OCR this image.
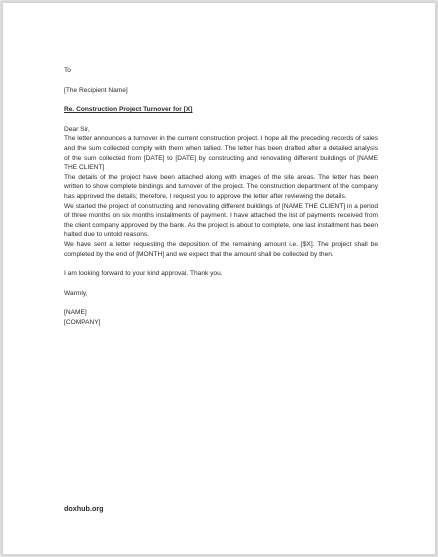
To

[The Recipient Name]

Re. Construction Project Turnover for [X]

Dear Sir,

The letter announces a turnover in the current construction project. I hope all the preceding records of sales and the sum collected comply with them when tallied. The letter has been drafted after a detailed analysis of the sum collected from [DATE] to [DATE] by constructing and renovating different buildings of [NAME THE CLIENT]

The details of the project have been attached along with images of the site areas. The letter has been written to show complete bindings and turnover of the project. The construction department of the company has approved the details; therefore, I request you to approve the letter after reviewing the details.

We started the project of constructing and renovating different buildings of [NAME THE CLIENT] in a period of three months on six months installments of payment. I have attached the list of payments received from the client company approved by the bank. As the project is about to complete, one last installment has been halted due to untold reasons.

We have sent a letter requesting the deposition of the remaining amount i.e. [$X]. The project shall be completed by the end of [MONTH] and we expect that the amount shall be collected by then.

I am looking forward to your kind approval. Thank you.

Warmly,

[NAME]

[COMPANY]

doxhub.org
